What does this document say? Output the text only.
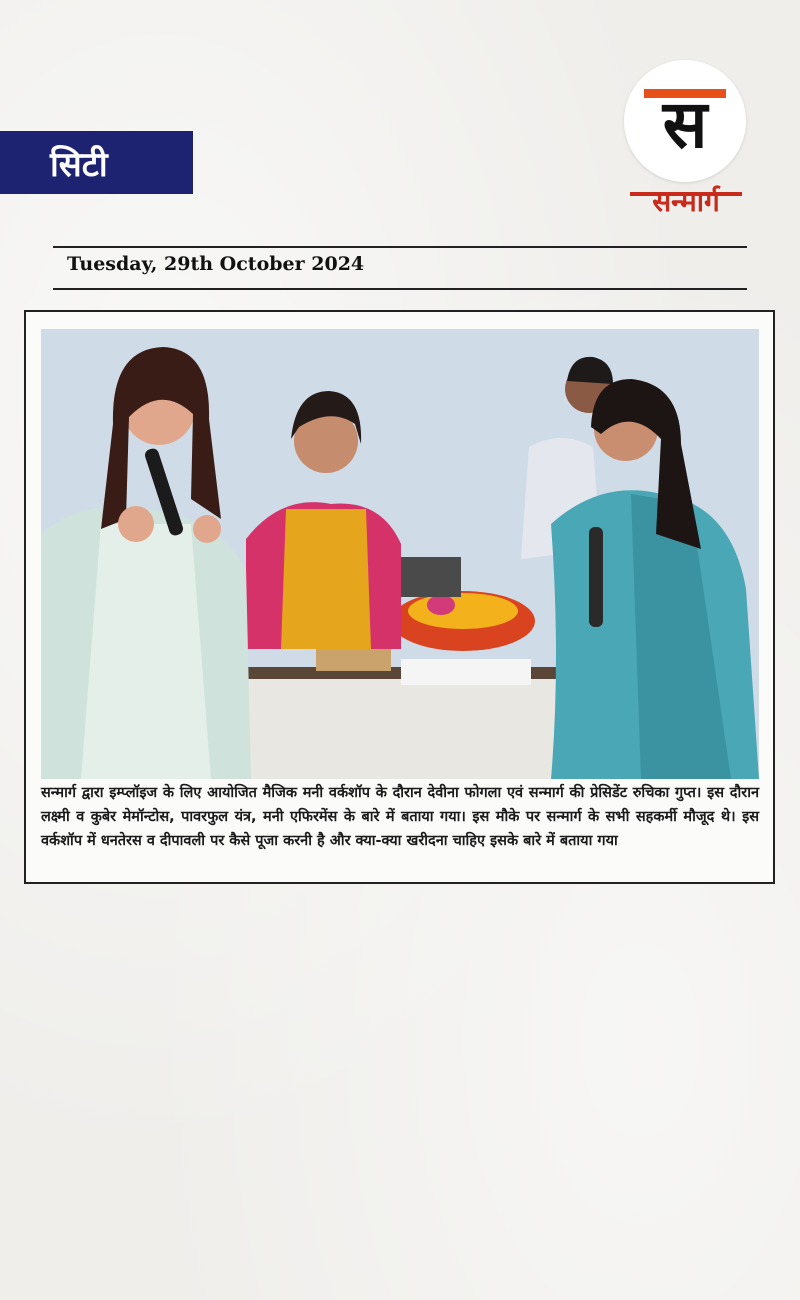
सिटी
स
सन्मार्ग
Tuesday, 29th October 2024
सन्मार्ग द्वारा इम्प्लॉइज के लिए आयोजित मैजिक मनी वर्कशॉप के दौरान देवीना फोगला एवं सन्मार्ग की प्रेसिडेंट रुचिका गुप्त। इस दौरान लक्ष्मी व कुबेर मेमॉन्टोस, पावरफुल यंत्र, मनी एफिरमेंस के बारे में बताया गया। इस मौके पर सन्मार्ग के सभी सहकर्मी मौजूद थे। इस वर्कशॉप में धनतेरस व दीपावली पर कैसे पूजा करनी है और क्या-क्या खरीदना चाहिए इसके बारे में बताया गया
